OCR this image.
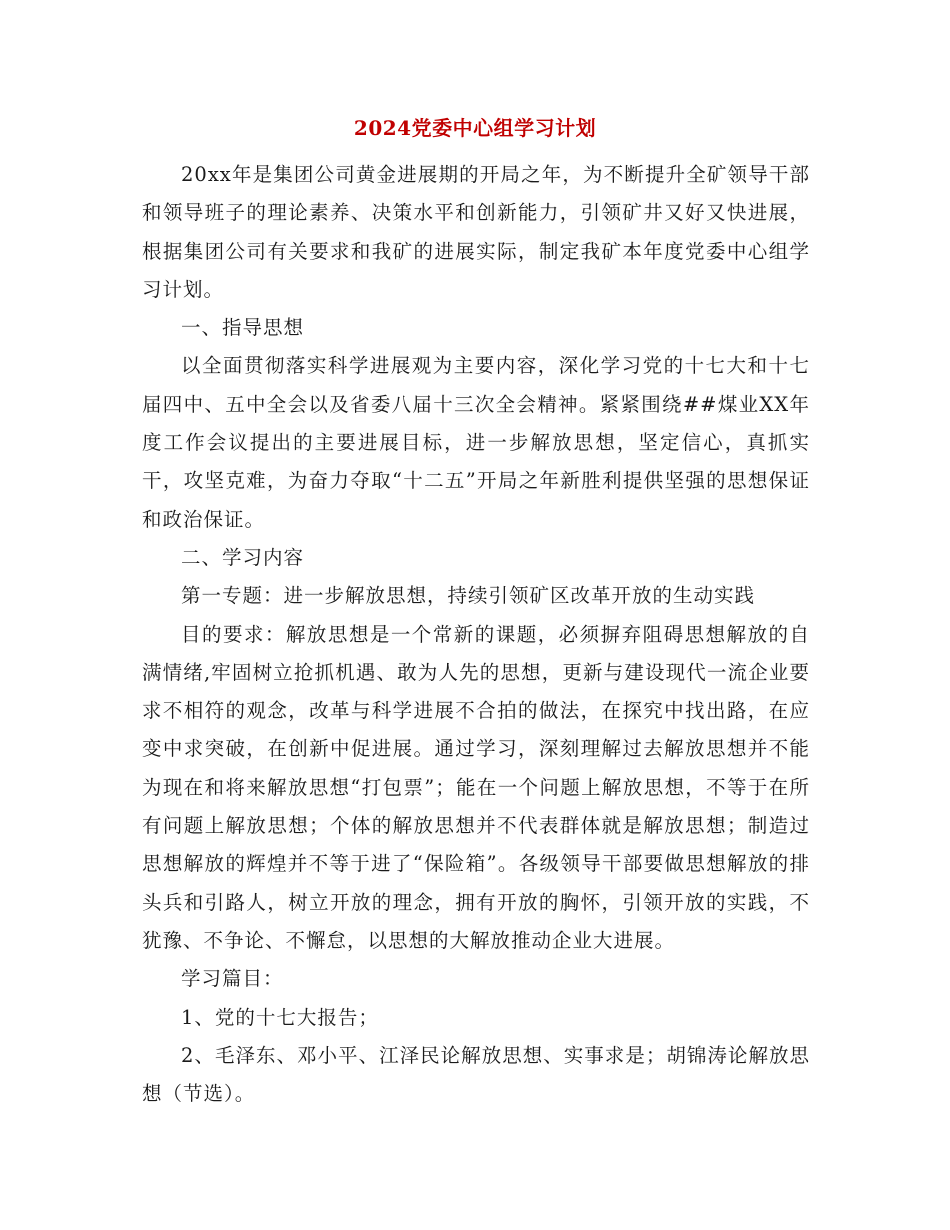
2024党委中心组学习计划

20xx年是集团公司黄金进展期的开局之年，为不断提升全矿领导干部和领导班子的理论素养、决策水平和创新能力，引领矿井又好又快进展，根据集团公司有关要求和我矿的进展实际，制定我矿本年度党委中心组学习计划。

一、指导思想

以全面贯彻落实科学进展观为主要内容，深化学习党的十七大和十七届四中、五中全会以及省委八届十三次全会精神。紧紧围绕##煤业XX年度工作会议提出的主要进展目标，进一步解放思想，坚定信心，真抓实干，攻坚克难，为奋力夺取“十二五”开局之年新胜利提供坚强的思想保证和政治保证。

二、学习内容

第一专题：进一步解放思想，持续引领矿区改革开放的生动实践

目的要求：解放思想是一个常新的课题，必须摒弃阻碍思想解放的自满情绪,牢固树立抢抓机遇、敢为人先的思想，更新与建设现代一流企业要求不相符的观念，改革与科学进展不合拍的做法，在探究中找出路，在应变中求突破，在创新中促进展。通过学习，深刻理解过去解放思想并不能为现在和将来解放思想“打包票”；能在一个问题上解放思想，不等于在所有问题上解放思想；个体的解放思想并不代表群体就是解放思想；制造过思想解放的辉煌并不等于进了“保险箱”。各级领导干部要做思想解放的排头兵和引路人，树立开放的理念，拥有开放的胸怀，引领开放的实践，不犹豫、不争论、不懈怠，以思想的大解放推动企业大进展。

学习篇目：

1、党的十七大报告；

2、毛泽东、邓小平、江泽民论解放思想、实事求是；胡锦涛论解放思想（节选）。
